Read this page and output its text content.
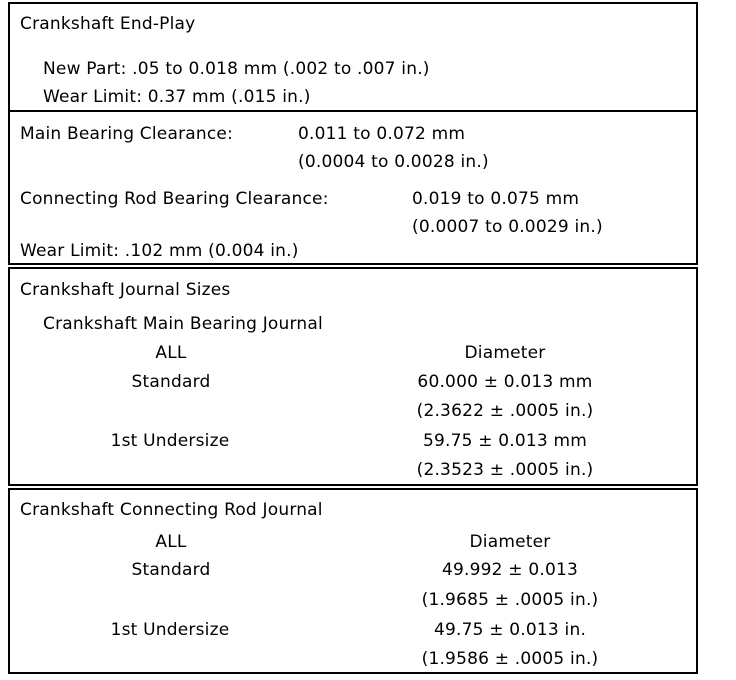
Crankshaft End-Play
New Part: .05 to 0.018 mm (.002 to .007 in.)
Wear Limit: 0.37 mm (.015 in.)
Main Bearing Clearance:	0.011 to 0.072 mm
(0.0004 to 0.0028 in.)
Connecting Rod Bearing Clearance:	0.019 to 0.075 mm
(0.0007 to 0.0029 in.)
Wear Limit: .102 mm (0.004 in.)
Crankshaft Journal Sizes
Crankshaft Main Bearing Journal
ALL	Diameter
Standard	60.000 ± 0.013 mm
(2.3622 ± .0005 in.)
1st Undersize	59.75 ± 0.013 mm
(2.3523 ± .0005 in.)
Crankshaft Connecting Rod Journal
ALL	Diameter
Standard	49.992 ± 0.013
(1.9685 ± .0005 in.)
1st Undersize	49.75 ± 0.013 in.
(1.9586 ± .0005 in.)
